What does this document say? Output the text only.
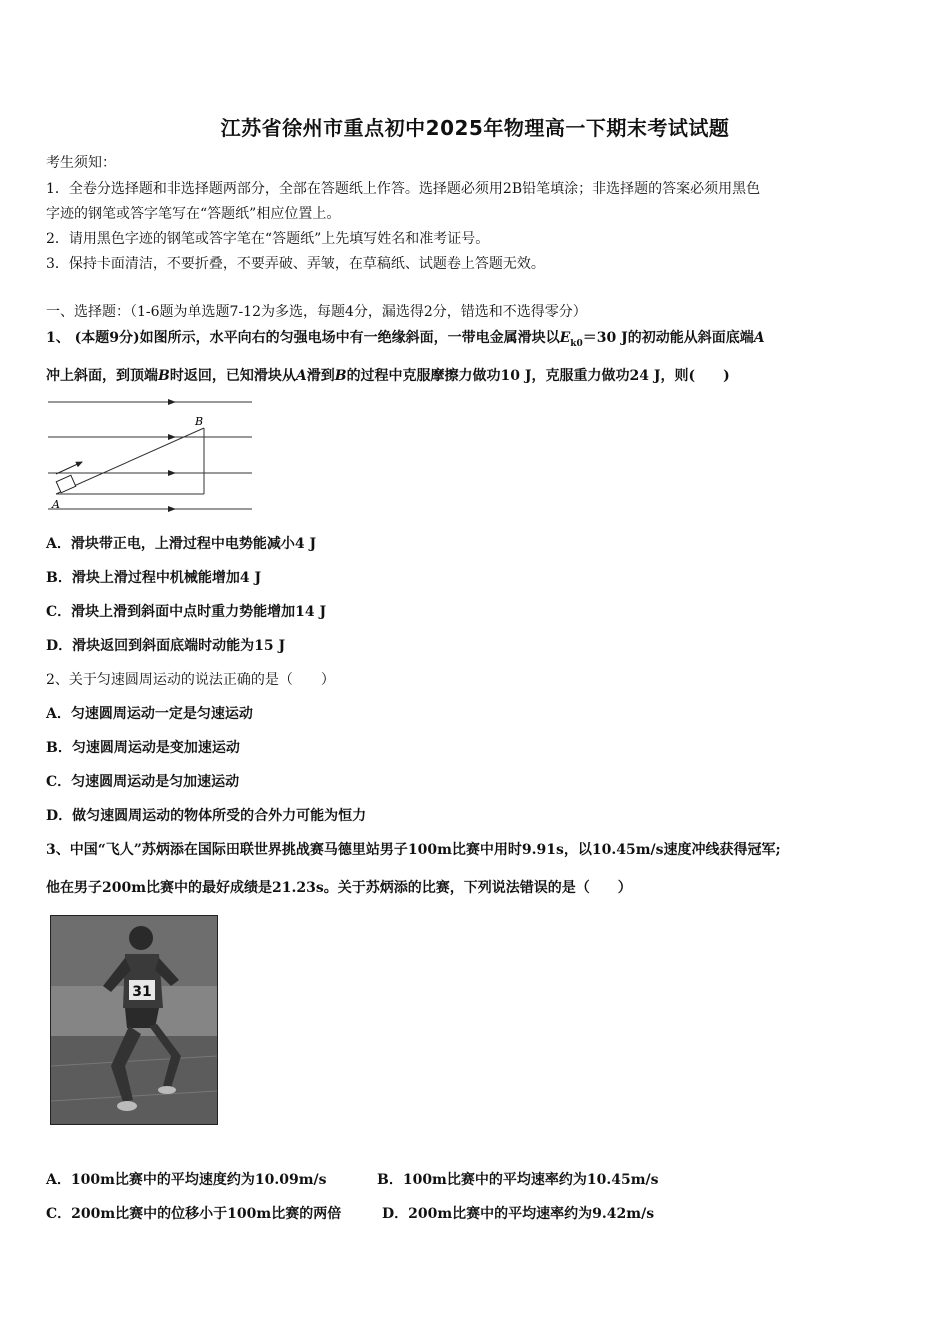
江苏省徐州市重点初中2025年物理高一下期末考试试题
考生须知：
1．全卷分选择题和非选择题两部分，全部在答题纸上作答。选择题必须用2B铅笔填涂；非选择题的答案必须用黑色
字迹的钢笔或答字笔写在“答题纸”相应位置上。
2．请用黑色字迹的钢笔或答字笔在“答题纸”上先填写姓名和准考证号。
3．保持卡面清洁，不要折叠，不要弄破、弄皱，在草稿纸、试题卷上答题无效。
一、选择题：（1-6题为单选题7-12为多选，每题4分，漏选得2分，错选和不选得零分）
1、 (本题9分)如图所示，水平向右的匀强电场中有一绝缘斜面，一带电金属滑块以$E_{k0}=30$ J的初动能从斜面底端A
冲上斜面，到顶端B时返回，已知滑块从A滑到B的过程中克服摩擦力做功10 J，克服重力做功24 J，则(　　)
A
B
A．滑块带正电，上滑过程中电势能减小4 J
B．滑块上滑过程中机械能增加4 J
C．滑块上滑到斜面中点时重力势能增加14 J
D．滑块返回到斜面底端时动能为15 J
2、关于匀速圆周运动的说法正确的是（　　）
A．匀速圆周运动一定是匀速运动
B．匀速圆周运动是变加速运动
C．匀速圆周运动是匀加速运动
D．做匀速圆周运动的物体所受的合外力可能为恒力
3、中国“飞人”苏炳添在国际田联世界挑战赛马德里站男子100m比赛中用时9.91s，以10.45m/s速度冲线获得冠军;
他在男子200m比赛中的最好成绩是21.23s。关于苏炳添的比赛，下列说法错误的是（　　）
31
A．100m比赛中的平均速度约为10.09m/s	B．100m比赛中的平均速率约为10.45m/s
C．200m比赛中的位移小于100m比赛的两倍	D．200m比赛中的平均速率约为9.42m/s
